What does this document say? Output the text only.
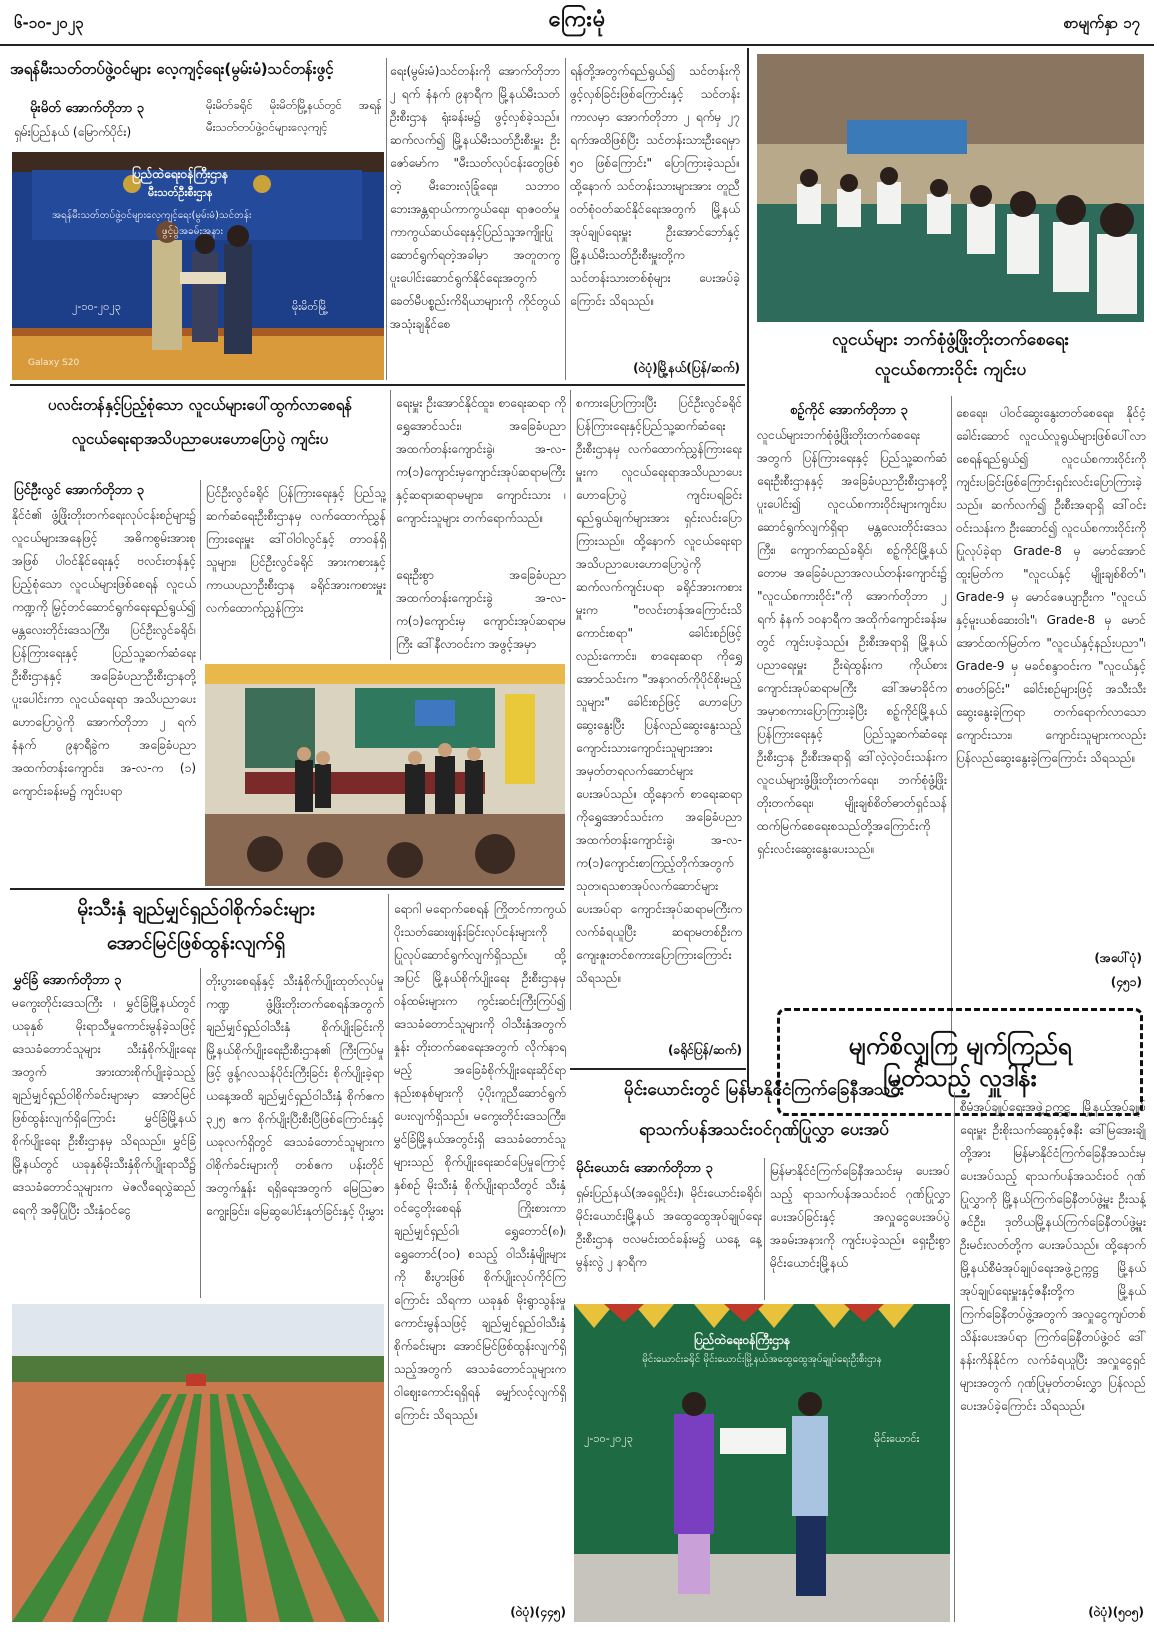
၆-၁၀-၂၀၂၃	ကြေးမုံ	စာမျက်နှာ ၁၇
အရန်မီးသတ်တပ်ဖွဲ့ဝင်များ လေ့ကျင့်ရေး(မွမ်းမံ)သင်တန်းဖွင့်
မိုးမိတ် အောက်တိုဘာ ၃
ရှမ်းပြည်နယ် (မြောက်ပိုင်း)
မိုးမိတ်ခရိုင် မိုးမိတ်မြို့နယ်တွင် အရန်မီးသတ်တပ်ဖွဲ့ဝင်များလေ့ကျင့်
ပြည်ထဲရေးဝန်ကြီးဌာန
မီးသတ်ဦးစီးဌာန
အရန်မီးသတ်တပ်ဖွဲ့ဝင်များလေ့ကျင့်ရေး(မွမ်းမံ)သင်တန်း
ဖွင့်ပွဲအခမ်းအနား
၂-၁၀-၂၀၂၃	မိုးမိတ်မြို့
Galaxy S20
ရေး(မွမ်းမံ)သင်တန်းကို အောက်တိုဘာ ၂ ရက် နံနက် ၉နာရီက မြို့နယ်မီးသတ်ဦးစီးဌာန ရုံးခန်းမ၌ ဖွင့်လှစ်ခဲ့သည်။ ဆက်လက်၍ မြို့နယ်မီးသတ်ဦးစီးမှူး ဦးဇော်မော်က "မီးသတ်လုပ်ငန်းတွေဖြစ်တဲ့ မီးဘေးလုံခြုံရေး၊ သဘာဝဘေးအန္တရာယ်ကာကွယ်ရေး၊ ရာဇဝတ်မှုကာကွယ်ဆယ်ရေးနှင့်ပြည်သူ့အကျိုးပြုဆောင်ရွက်ရတဲ့အခါမှာ အတူတကွ ပူးပေါင်းဆောင်ရွက်နိုင်ရေးအတွက် ခေတ်မီပစ္စည်းကိရိယာများကို ကိုင်တွယ်အသုံးချနိုင်စေ
ရန်တို့အတွက်ရည်ရွယ်၍ သင်တန်းကို ဖွင့်လှစ်ခြင်းဖြစ်ကြောင်းနှင့် သင်တန်းကာလမှာ အောက်တိုဘာ ၂ ရက်မှ ၂၇ ရက်အထိဖြစ်ပြီး သင်တန်းသားဦးရေမှာ ၅၀ ဖြစ်ကြောင်း" ပြောကြားခဲ့သည်။ ထို့နောက် သင်တန်းသားများအား တူညီဝတ်စုံဝတ်ဆင်နိုင်ရေးအတွက် မြို့နယ်အုပ်ချုပ်ရေးမှူး ဦးအောင်ဘော်နှင့် မြို့နယ်မီးသတ်ဦးစီးမှူးတို့က သင်တန်းသားတစ်စုံများ ပေးအပ်ခဲ့ကြောင်း သိရသည်။
(ဝဲပုံ)မြို့နယ်(ပြန်/ဆက်)
လူငယ်များ ဘက်စုံဖွံ့ဖြိုးတိုးတက်စေရေး
လူငယ်စကားဝိုင်း ကျင်းပ
စဥ့်ကိုင် အောက်တိုဘာ ၃
လူငယ်များဘက်စုံဖွံ့ဖြိုးတိုးတက်စေရေးအတွက် ပြန်ကြားရေးနှင့် ပြည်သူ့ဆက်ဆံရေးဦးစီးဌာနနှင့် အခြေခံပညာဦးစီးဌာနတို့ ပူးပေါင်း၍ လူငယ်စကားဝိုင်းများကျင်းပဆောင်ရွက်လျက်ရှိရာ မန္တလေးတိုင်းဒေသကြီး၊ ကျောက်ဆည်ခရိုင်၊ စဥ့်ကိုင်မြို့နယ် တောမ အခြေခံပညာအလယ်တန်းကျောင်း၌ "လူငယ်စကားဝိုင်း"ကို အောက်တိုဘာ ၂ ရက် နံနက် ၁၀နာရီက အထိုက်ကျောင်းခန်းမတွင် ကျင်းပခဲ့သည်။ ဦးစီးအရာရှိ မြို့နယ်ပညာရေးမှူး ဦးရဲထွန်းက ကိုယ်စားကျောင်းအုပ်ဆရာမကြီး ဒေါ်အမာခိုင်က အမှာစကားပြောကြားခဲ့ပြီး စဥ့်ကိုင်မြို့နယ် ပြန်ကြားရေးနှင့် ပြည်သူ့ဆက်ဆံရေးဦးစီးဌာန ဦးစီးအရာရှိ ဒေါ်လဲ့လဲ့ဝင်းသန်းက လူငယ်များဖွံ့ဖြိုးတိုးတက်ရေး၊ ဘက်စုံဖွံ့ဖြိုးတိုးတက်ရေး၊ မျိုးချစ်စိတ်ဓာတ်ရှင်သန်ထက်မြက်စေရေးစသည်တို့အကြောင်းကို ရှင်းလင်းဆွေးနွေးပေးသည်။
စေရေး၊ ပါဝင်ဆွေးနွေးတတ်စေရေး၊ နိုင်ငံ့ခေါင်းဆောင် လူငယ်လူရွယ်များဖြစ်ပေါ်လာစေရန်ရည်ရွယ်၍ လူငယ်စကားဝိုင်းကို ကျင်းပခြင်းဖြစ်ကြောင်းရှင်းလင်းပြောကြားခဲ့သည်။ ဆက်လက်၍ ဦးစီးအရာရှိ ဒေါ်ဝင်းဝင်းသန်းက ဦးဆောင်၍ လူငယ်စကားဝိုင်းကို ပြုလုပ်ခဲ့ရာ Grade-8 မှ မောင်အောင်ထူးမြတ်က "လူငယ်နှင့် မျိုးချစ်စိတ်"၊ Grade-9 မှ မောင်ဇေယျာဦးက "လူငယ်နှင့်မူးယစ်ဆေးဝါး"၊ Grade-8 မှ မောင်အောင်ထက်မြတ်က "လူငယ်နှင့်နည်းပညာ"၊ Grade-9 မှ မခင်စန္ဒာဝင်းက "လူငယ်နှင့်စာဖတ်ခြင်း" ခေါင်းစဉ်များဖြင့် အသီးသီးဆွေးနွေးခဲ့ကြရာ တက်ရောက်လာသော ကျောင်းသား၊ ကျောင်းသူများကလည်း ပြန်လည်ဆွေးနွေးခဲ့ကြကြောင်း သိရသည်။
(အပေါ်ပုံ)
(၄၅၁)
မျက်စိလျှကြ မျက်ကြည်ရ
မြတ်သည့် လှူဒါန်း
ပလင်းတန်နှင့်ပြည့်စုံသော လူငယ်များပေါ်ထွက်လာစေရန်
လူငယ်ရေးရာအသိပညာပေးဟောပြောပွဲ ကျင်းပ
ပြင်ဦးလွင် အောက်တိုဘာ ၃
နိုင်ငံ၏ ဖွံ့ဖြိုးတိုးတက်ရေးလုပ်ငန်းစဉ်များ၌ လူငယ်များအနေဖြင့် အဓိကစွမ်းအားစုအဖြစ် ပါဝင်နိုင်ရေးနှင့် ဗလင်းတန်နှင့်ပြည့်စုံသော လူငယ်များဖြစ်စေရန် လူငယ်ကဏ္ဍကို မြှင့်တင်ဆောင်ရွက်ရေးရည်ရွယ်၍ မန္တလေးတိုင်းဒေသကြီး၊ ပြင်ဦးလွင်ခရိုင်၊ ပြန်ကြားရေးနှင့် ပြည်သူ့ဆက်ဆံရေးဦးစီးဌာနနှင့် အခြေခံပညာဦးစီးဌာနတို့ပူးပေါင်းကာ လူငယ်ရေးရာ အသိပညာပေးဟောပြောပွဲကို အောက်တိုဘာ ၂ ရက် နံနက် ၉နာရီခွဲက အခြေခံပညာအထက်တန်းကျောင်း၊ အ-လ-က (၁) ကျောင်းခန်းမ၌ ကျင်းပရာ
ပြင်ဦးလွင်ခရိုင် ပြန်ကြားရေးနှင့် ပြည်သူ့ဆက်ဆံရေးဦးစီးဌာနမှ လက်ထောက်ညွှန်ကြားရေးမှူး ဒေါ်ဝါဝါလွင်နှင့် တာဝန်ရှိသူများ၊ ပြင်ဦးလွင်ခရိုင် အားကစားနှင့်ကာယပညာဦးစီးဌာန ခရိုင်အားကစားမှူး လက်ထောက်ညွှန်ကြား
ရေးမှူး ဦးအောင်နိုင်ထူး၊ စာရေးဆရာ ကိုရွှေအောင်သင်း၊ အခြေခံပညာအထက်တန်းကျောင်းခွဲ၊ အ-လ-က(၁)ကျောင်းမှကျောင်းအုပ်ဆရာမကြီးနှင့်ဆရာ၊ဆရာမများ၊ ကျောင်းသား ၊ ကျောင်းသူများ တက်ရောက်သည်။
ရေးဦးစွာ အခြေခံပညာအထက်တန်းကျောင်းခွဲ အ-လ-က(၁)ကျောင်းမှ ကျောင်းအုပ်ဆရာမကြီး ဒေါ်နီလာဝင်းက အဖွင့်အမှာ
စကားပြောကြားပြီး ပြင်ဦးလွင်ခရိုင် ပြန်ကြားရေးနှင့်ပြည်သူ့ဆက်ဆံရေးဦးစီးဌာနမှ လက်ထောက်ညွှန်ကြားရေးမှူးက လူငယ်ရေးရာအသိပညာပေးဟောပြောပွဲ ကျင်းပရခြင်း ရည်ရွယ်ချက်များအား ရှင်းလင်းပြောကြားသည်။ ထို့နောက် လူငယ်ရေးရာအသိပညာပေးဟောပြောပွဲကို ဆက်လက်ကျင်းပရာ ခရိုင်အားကစားမှူးက "ဗလင်းတန်အကြောင်းသိကောင်းစရာ" ခေါင်းစဉ်ဖြင့် လည်းကောင်း၊ စာရေးဆရာ ကိုရွှေအောင်သင်းက "အနာဂတ်ကိုပိုင်စိုးမည့်သူများ" ခေါင်းစဉ်ဖြင့် ဟောပြောဆွေးနွေးပြီး ပြန်လည်ဆွေးနွေးသည့် ကျောင်းသားကျောင်းသူများအား အမှတ်တရလက်ဆောင်များပေးအပ်သည်။ ထို့နောက် စာရေးဆရာ ကိုရွှေအောင်သင်းက အခြေခံပညာအထက်တန်းကျောင်းခွဲ၊ အ-လ-က(၁)ကျောင်းစာကြည့်တိုက်အတွက် သုတ၊ရသစာအုပ်လက်ဆောင်များ ပေးအပ်ရာ ကျောင်းအုပ်ဆရာမကြီးက လက်ခံရယူပြီး ဆရာမတစ်ဦးက ကျေးဇူးတင်စကားပြောကြားကြောင်း သိရသည်။
(ခရိုင်ပြန်/ဆက်)
မိုးသီးနှံ ချည်မျှင်ရှည်ဝါစိုက်ခင်းများ
အောင်မြင်ဖြစ်ထွန်းလျက်ရှိ
မွှင်ခြံ အောက်တိုဘာ ၃
မကွေးတိုင်းဒေသကြီး ၊ မွှင်ခြံမြို့နယ်တွင် ယခုနှစ် မိုးရာသီမှုကောင်းမွန်ခဲ့သဖြင့် ဒေသခံတောင်သူများ သီးနှံစိုက်ပျိုးရေးအတွက် အားထားစိုက်ပျိုးခဲ့သည့် ချည်မျှင်ရှည်ဝါစိုက်ခင်းများမှာ အောင်မြင်ဖြစ်ထွန်းလျက်ရှိကြောင်း မွှင်ခြံမြို့နယ်စိုက်ပျိုးရေး ဦးစီးဌာနမှ သိရသည်။ မွှင်ခြံမြို့နယ်တွင် ယခုနှစ်မိုးသီးနှံစိုက်ပျိုးရာသီ၌ ဒေသခံတောင်သူများက မဲဇလီရေလွှဲဆည်ရေကို အမှီပြုပြီး သီးနှံဝင်ငွေ
တိုးပွားစေရန်နှင့် သီးနှံစိုက်ပျိုးထုတ်လုပ်မှုကဏ္ဍ ဖွံ့ဖြိုးတိုးတက်စေရန်အတွက် ချည်မျှင်ရှည်ဝါသီးနှံ စိုက်ပျိုးခြင်းကို မြို့နယ်စိုက်ပျိုးရေးဦးစီးဌာန၏ ကြီးကြပ်မှုဖြင့် ဖွန့်ဂလသန်ပိုင်းကြီးခြင်း စိုက်ပျိုးခဲ့ရာ ယနေ့အထိ ချည်မျှင်ရှည်ဝါသီးနှံ စိုက်ဧက ၃၂၅ ဧက စိုက်ပျိုးပြီးစီးပြီဖြစ်ကြောင်းနှင့် ယခုလက်ရှိတွင် ဒေသခံတောင်သူများက ဝါစိုက်ခင်းများကို တစ်ဧက ပန်းတိုင်အတွက်နှုန်း ရရှိရေးအတွက် မြေသြဇာကျွေးခြင်း၊ မြေဆွပေါင်းနုတ်ခြင်းနှင့် ပိုးမွှား
ရောဂါ မရောက်စေရန် ကြိုတင်ကာကွယ် ပိုးသတ်ဆေးဖျန်းခြင်းလုပ်ငန်းများကို ပြုလုပ်ဆောင်ရွက်လျက်ရှိသည်။ ထို့အပြင် မြို့နယ်စိုက်ပျိုးရေး ဦးစီးဌာနမှ ဝန်ထမ်းများက ကွင်းဆင်းကြီးကြပ်၍ ဒေသခံတောင်သူများကို ဝါသီးနှံအတွက် နှုန်း တိုးတက်စေရေးအတွက် လိုက်နာရမည့် အခြေခံစိုက်ပျိုးရေးဆိုင်ရာနည်းစနစ်များကို ပံ့ပိုးကူညီဆောင်ရွက်ပေးလျက်ရှိသည်။ မကွေးတိုင်းဒေသကြီး၊ မွှင်ခြံမြို့နယ်အတွင်းရှိ ဒေသခံတောင်သူများသည် စိုက်ပျိုးရေးဆင်ပြေမှုကြောင့် နှစ်စဉ် မိုးသီးနှံ စိုက်ပျိုးရာသီတွင် သီးနှံ ဝင်ငွေတိုးစေရန် ကြိုးစားကာ ချည်မျှင်ရှည်ဝါ၊ ရွှေတောင်(၈)၊ ရွှေတောင်(၁၀) စသည့် ဝါသီးနှံမျိုးများကို စီးပွားဖြစ် စိုက်ပျိုးလုပ်ကိုင်ကြကြောင်း သိရကာ ယခုနှစ် မိုးရွာသွန်းမှုကောင်းမွန်သဖြင့် ချည်မျှင်ရှည်ဝါသီးနှံစိုက်ခင်းများ အောင်မြင်ဖြစ်ထွန်းလျက်ရှိသည့်အတွက် ဒေသခံတောင်သူများက ဝါဈေးကောင်းရရှိရန် မျှော်လင့်လျက်ရှိကြောင်း သိရသည်။
(ဝဲပုံ)(၄၄၅)
မိုင်းယောင်းတွင် မြန်မာနိုင်ငံကြက်ခြေနီအသင်း
ရာသက်ပန်အသင်းဝင်ဂုဏ်ပြုလွှာ ပေးအပ်
မိုင်းယောင်း အောက်တိုဘာ ၃
ရှမ်းပြည်နယ်(အရှေ့ပိုင်း)၊ မိုင်းယောင်းခရိုင်၊ မိုင်းယောင်းမြို့နယ် အထွေထွေအုပ်ချုပ်ရေးဦးစီးဌာန ဗလမင်းထင်ခန်းမ၌ ယနေ့ နေ့ မွန်းလွဲ ၂ နာရီက
မြန်မာနိုင်ငံကြက်ခြေနီအသင်းမှ ပေးအပ်သည့် ရာသက်ပန်အသင်းဝင် ဂုဏ်ပြုလွှာပေးအပ်ခြင်းနှင့် အလှူငွေပေးအပ်ပွဲအခမ်းအနားကို ကျင်းပခဲ့သည်။ ရှေးဦးစွာ မိုင်းယောင်းမြို့နယ်
စီမံအုပ်ချုပ်ရေးအဖွဲ့ဥက္ကဋ္ဌ မြို့နယ်အုပ်ချုပ်ရေးမှူး ဦးစိုးသက်ဆွေနှင့်ဇနီး ဒေါ်မြအေးချိုတို့အား မြန်မာနိုင်ငံကြက်ခြေနီအသင်းမှပေးအပ်သည့် ရာသက်ပန်အသင်းဝင် ဂုဏ်ပြုလွှာကို မြို့နယ်ကြက်ခြေနီတပ်ဖွဲ့မှူး ဦးသန့်ဇင်ဦး၊ ဒုတိယမြို့နယ်ကြက်ခြေနီတပ်ဖွဲ့မှူး ဦးမင်းလတ်တို့က ပေးအပ်သည်။ ထို့နောက် မြို့နယ်စီမံအုပ်ချုပ်ရေးအဖွဲ့ဥက္ကဋ္ဌ မြို့နယ်အုပ်ချုပ်ရေးမှူးနှင့်ဇနီးတို့က မြို့နယ်ကြက်ခြေနီတပ်ဖွဲ့အတွက် အလှူငွေကျပ်တစ်သိန်းပေးအပ်ရာ ကြက်ခြေနီတပ်ဖွဲ့ဝင် ဒေါ်နန်းကိန်နိုင်က လက်ခံရယူပြီး အလှူငွေရှင်များအတွက် ဂုဏ်ပြုမှတ်တမ်းလွှာ ပြန်လည်ပေးအပ်ခဲ့ကြောင်း သိရသည်။
(ဝဲပုံ)(၅၀၅)
ပြည်ထဲရေးဝန်ကြီးဌာန
မိုင်းယောင်းခရိုင် မိုင်းယောင်းမြို့နယ်အထွေထွေအုပ်ချုပ်ရေးဦးစီးဌာန
၂-၁၀-၂၀၂၃	မိုင်းယောင်း
